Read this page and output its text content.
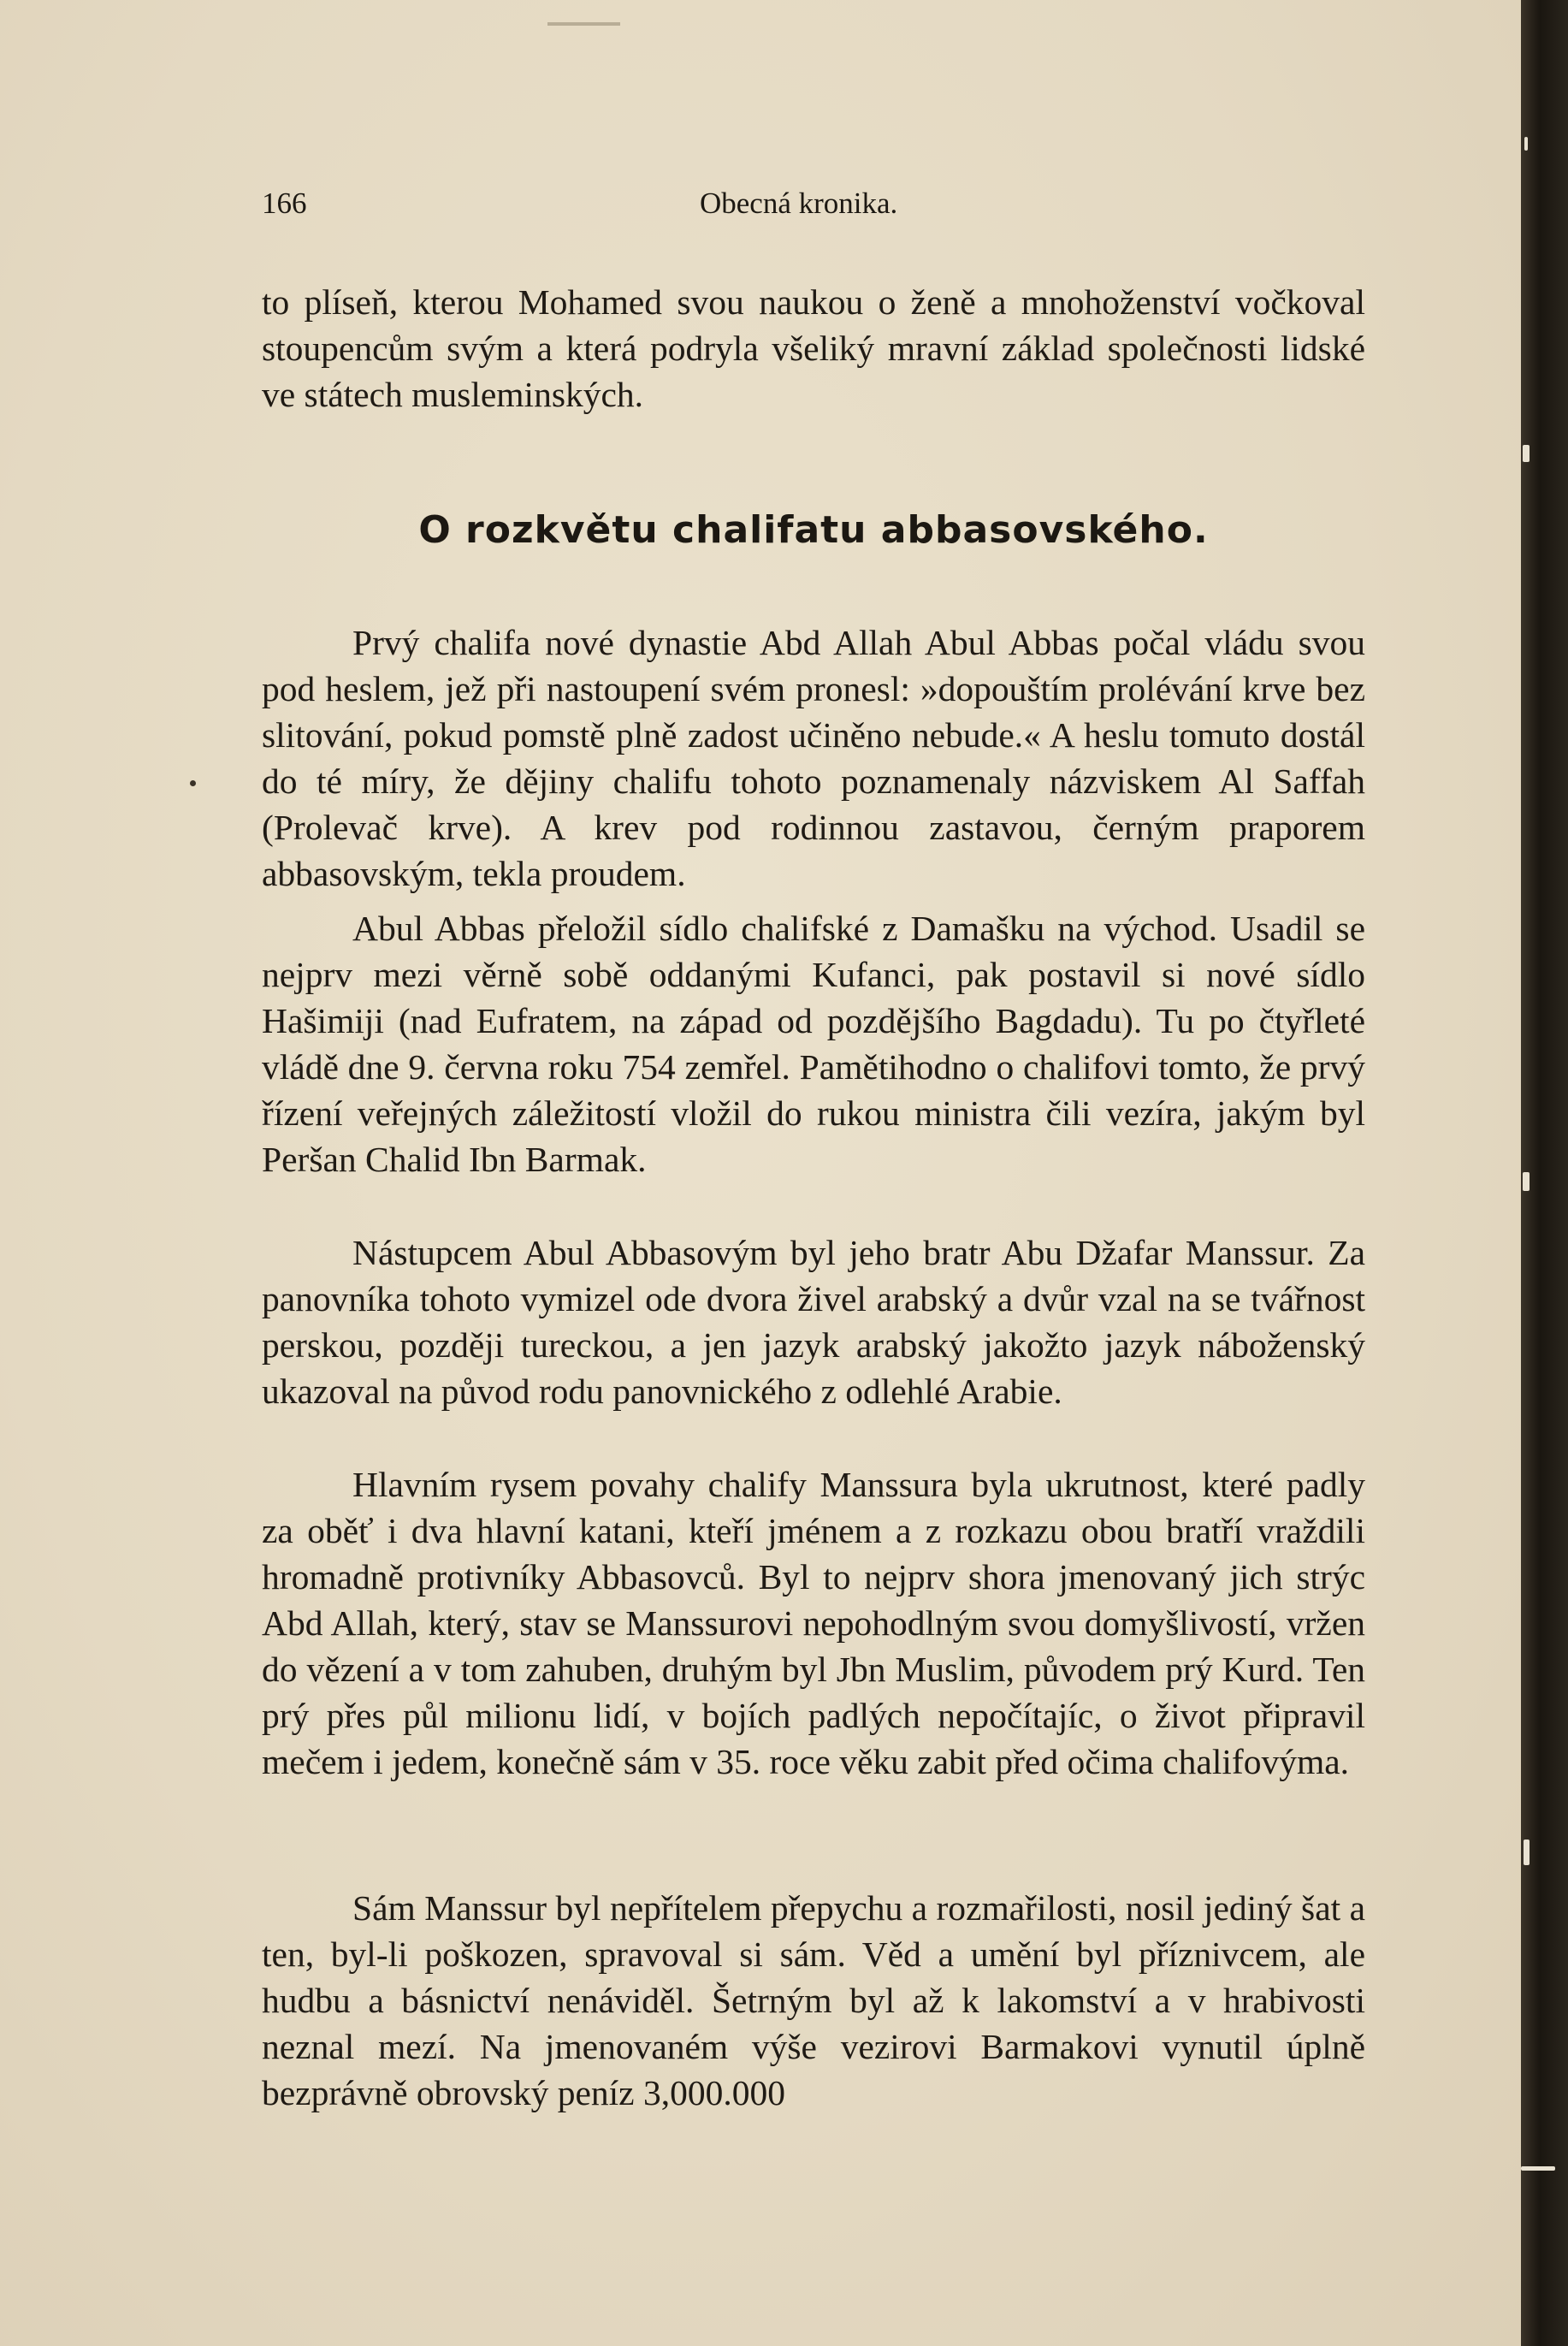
166	Obecná kronika.

to plíseň, kterou Mohamed svou naukou o ženě a mnohoženství vočkoval stoupencům svým a která podryla všeliký mravní základ společnosti lidské ve státech musleminských.

O rozkvětu chalifatu abbasovského.

Prvý chalifa nové dynastie Abd Allah Abul Abbas počal vládu svou pod heslem, jež při nastoupení svém pronesl: »dopouštím prolévání krve bez slitování, pokud pomstě plně zadost učiněno nebude.« A heslu tomuto dostál do té míry, že dějiny chalifu tohoto poznamenaly názviskem Al Saffah (Prolevač krve). A krev pod rodinnou zastavou, černým praporem abbasovským, tekla proudem.

Abul Abbas přeložil sídlo chalifské z Damašku na východ. Usadil se nejprv mezi věrně sobě oddanými Kufanci, pak postavil si nové sídlo Hašimiji (nad Eufratem, na západ od pozdějšího Bagdadu). Tu po čtyřleté vládě dne 9. června roku 754 zemřel. Pamětihodno o chalifovi tomto, že prvý řízení veřejných záležitostí vložil do rukou ministra čili vezíra, jakým byl Peršan Chalid Ibn Barmak.

Nástupcem Abul Abbasovým byl jeho bratr Abu Džafar Manssur. Za panovníka tohoto vymizel ode dvora živel arabský a dvůr vzal na se tvářnost perskou, později tureckou, a jen jazyk arabský jakožto jazyk náboženský ukazoval na původ rodu panovnického z odlehlé Arabie.

Hlavním rysem povahy chalify Manssura byla ukrutnost, které padly za oběť i dva hlavní katani, kteří jménem a z rozkazu obou bratří vraždili hromadně protivníky Abbasovců. Byl to nejprv shora jmenovaný jich strýc Abd Allah, který, stav se Manssurovi nepohodlným svou domyšlivostí, vržen do vězení a v tom zahuben, druhým byl Jbn Muslim, původem prý Kurd. Ten prý přes půl milionu lidí, v bojích padlých nepočítajíc, o život připravil mečem i jedem, konečně sám v 35. roce věku zabit před očima chalifovýma.

Sám Manssur byl nepřítelem přepychu a rozmařilosti, nosil jediný šat a ten, byl-li poškozen, spravoval si sám. Věd a umění byl příznivcem, ale hudbu a básnictví nenáviděl. Šetrným byl až k lakomství a v hrabivosti neznal mezí. Na jmenovaném výše vezirovi Barmakovi vynutil úplně bezprávně obrovský peníz 3,000.000
